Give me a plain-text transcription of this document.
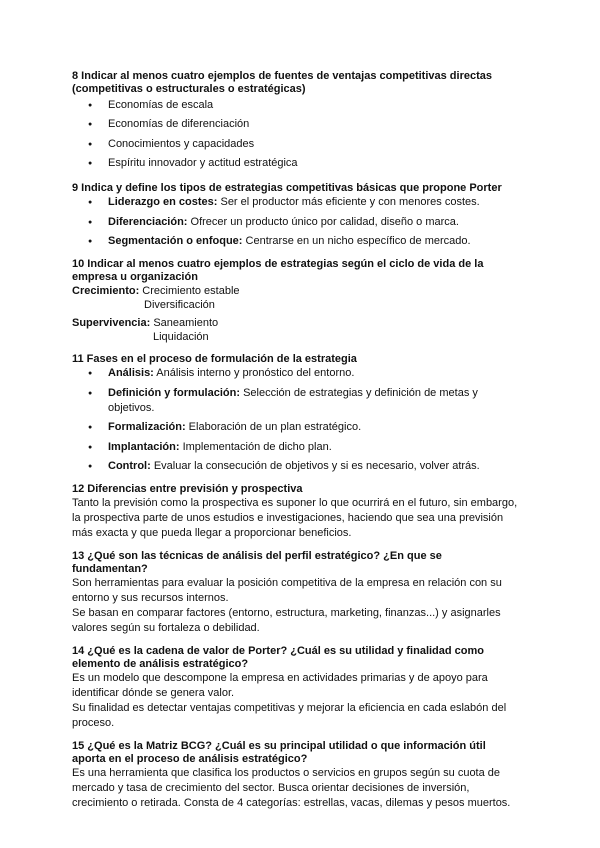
8 Indicar al menos cuatro ejemplos de fuentes de ventajas competitivas directas (competitivas o estructurales o estratégicas)

● Economías de escala
● Economías de diferenciación
● Conocimientos y capacidades
● Espíritu innovador y actitud estratégica

9 Indica y define los tipos de estrategias competitivas básicas que propone Porter

● Liderazgo en costes: Ser el productor más eficiente y con menores costes.
● Diferenciación: Ofrecer un producto único por calidad, diseño o marca.
● Segmentación o enfoque: Centrarse en un nicho específico de mercado.

10 Indicar al menos cuatro ejemplos de estrategias según el ciclo de vida de la empresa u organización

Crecimiento: Crecimiento estable
Diversificación
Supervivencia: Saneamiento
Liquidación

11 Fases en el proceso de formulación de la estrategia

● Análisis: Análisis interno y pronóstico del entorno.
● Definición y formulación: Selección de estrategias y definición de metas y objetivos.
● Formalización: Elaboración de un plan estratégico.
● Implantación: Implementación de dicho plan.
● Control: Evaluar la consecución de objetivos y si es necesario, volver atrás.

12 Diferencias entre previsión y prospectiva

Tanto la previsión como la prospectiva es suponer lo que ocurrirá en el futuro, sin embargo, la prospectiva parte de unos estudios e investigaciones, haciendo que sea una previsión más exacta y que pueda llegar a proporcionar beneficios.

13 ¿Qué son las técnicas de análisis del perfil estratégico? ¿En que se fundamentan?

Son herramientas para evaluar la posición competitiva de la empresa en relación con su entorno y sus recursos internos.

Se basan en comparar factores (entorno, estructura, marketing, finanzas...) y asignarles valores según su fortaleza o debilidad.

14 ¿Qué es la cadena de valor de Porter? ¿Cuál es su utilidad y finalidad como elemento de análisis estratégico?

Es un modelo que descompone la empresa en actividades primarias y de apoyo para identificar dónde se genera valor.

Su finalidad es detectar ventajas competitivas y mejorar la eficiencia en cada eslabón del proceso.

15 ¿Qué es la Matriz BCG? ¿Cuál es su principal utilidad o que información útil aporta en el proceso de análisis estratégico?

Es una herramienta que clasifica los productos o servicios en grupos según su cuota de mercado y tasa de crecimiento del sector. Busca orientar decisiones de inversión, crecimiento o retirada. Consta de 4 categorías: estrellas, vacas, dilemas y pesos muertos.
